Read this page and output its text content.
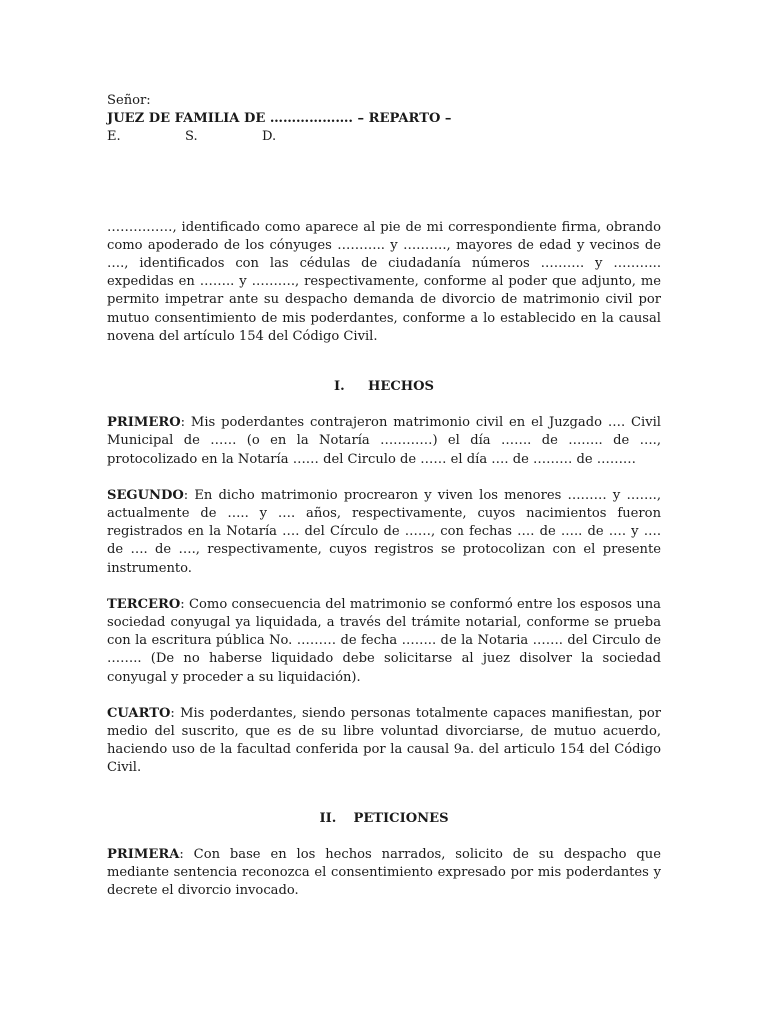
Señor:

JUEZ DE FAMILIA DE ………………. – REPARTO –

E.	S.	D.

……………, identificado como aparece al pie de mi correspondiente firma, obrando como apoderado de los cónyuges ……….. y ………., mayores de edad y vecinos de …., identificados con las cédulas de ciudadanía números ………. y ……….. expedidas en …….. y ………., respectivamente, conforme al poder que adjunto, me permito impetrar ante su despacho demanda de divorcio de matrimonio civil por mutuo consentimiento de mis poderdantes, conforme a lo establecido en la causal novena del artículo 154 del Código Civil.

I. HECHOS

PRIMERO: Mis poderdantes contrajeron matrimonio civil en el Juzgado …. Civil Municipal de …… (o en la Notaría …………) el día ……. de …….. de …., protocolizado en la Notaría …… del Circulo de …… el día …. de ……… de ………

SEGUNDO: En dicho matrimonio procrearon y viven los menores ……… y ……., actualmente de ….. y …. años, respectivamente, cuyos nacimientos fueron registrados en la Notaría …. del Círculo de ……, con fechas …. de ….. de …. y …. de …. de …., respectivamente, cuyos registros se protocolizan con el presente instrumento.

TERCERO: Como consecuencia del matrimonio se conformó entre los esposos una sociedad conyugal ya liquidada, a través del trámite notarial, conforme se prueba con la escritura pública No. ……… de fecha …….. de la Notaria ……. del Circulo de …….. (De no haberse liquidado debe solicitarse al juez disolver la sociedad conyugal y proceder a su liquidación).

CUARTO: Mis poderdantes, siendo personas totalmente capaces manifiestan, por medio del suscrito, que es de su libre voluntad divorciarse, de mutuo acuerdo, haciendo uso de la facultad conferida por la causal 9a. del articulo 154 del Código Civil.

II. PETICIONES

PRIMERA: Con base en los hechos narrados, solicito de su despacho que mediante sentencia reconozca el consentimiento expresado por mis poderdantes y decrete el divorcio invocado.
